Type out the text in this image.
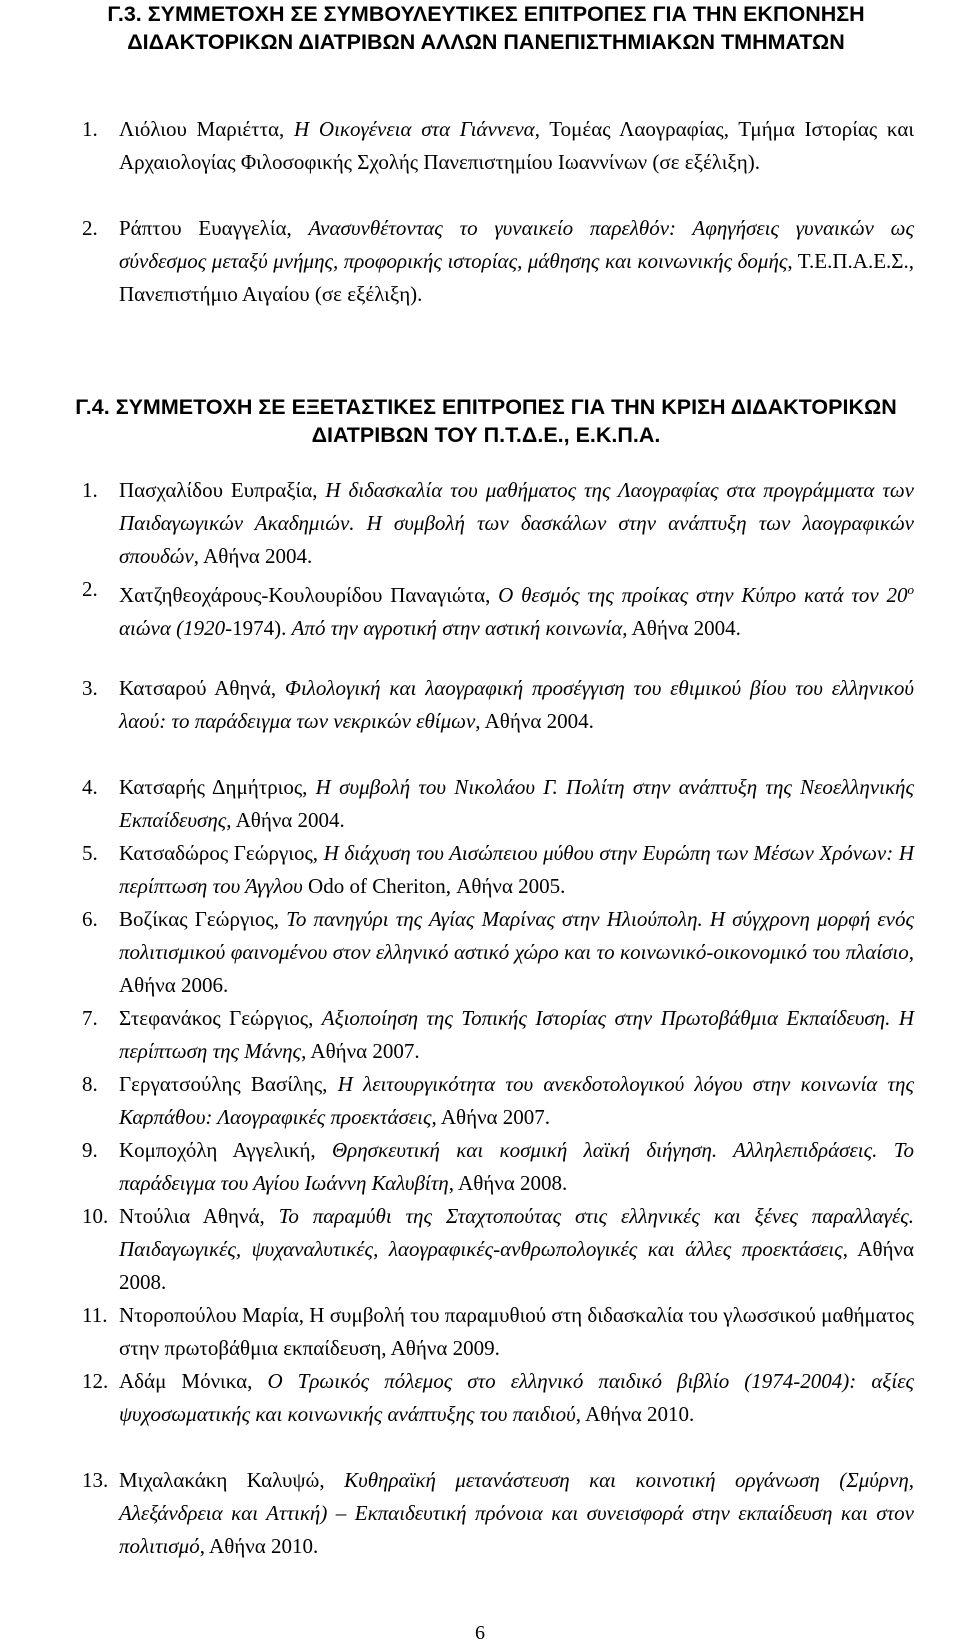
Γ.3. ΣΥΜΜΕΤΟΧΗ ΣΕ ΣΥΜΒΟΥΛΕΥΤΙΚΕΣ ΕΠΙΤΡΟΠΕΣ ΓΙΑ ΤΗΝ ΕΚΠΟΝΗΣΗ ΔΙΔΑΚΤΟΡΙΚΩΝ ΔΙΑΤΡΙΒΩΝ ΑΛΛΩΝ ΠΑΝΕΠΙΣΤΗΜΙΑΚΩΝ ΤΜΗΜΑΤΩΝ
1.	Λιόλιου Μαριέττα, Η Οικογένεια στα Γιάννενα, Τομέας Λαογραφίας, Τμήμα Ιστορίας και Αρχαιολογίας Φιλοσοφικής Σχολής Πανεπιστημίου Ιωαννίνων (σε εξέλιξη).
2.	Ράπτου Ευαγγελία, Ανασυνθέτοντας το γυναικείο παρελθόν: Αφηγήσεις γυναικών ως σύνδεσμος μεταξύ μνήμης, προφορικής ιστορίας, μάθησης και κοινωνικής δομής, Τ.Ε.Π.Α.Ε.Σ., Πανεπιστήμιο Αιγαίου (σε εξέλιξη).
Γ.4. ΣΥΜΜΕΤΟΧΗ ΣΕ ΕΞΕΤΑΣΤΙΚΕΣ ΕΠΙΤΡΟΠΕΣ ΓΙΑ ΤΗΝ ΚΡΙΣΗ ΔΙΔΑΚΤΟΡΙΚΩΝ ΔΙΑΤΡΙΒΩΝ ΤΟΥ Π.Τ.Δ.Ε., Ε.Κ.Π.Α.
1.	Πασχαλίδου Ευπραξία, Η διδασκαλία του μαθήματος της Λαογραφίας στα προγράμματα των Παιδαγωγικών Ακαδημιών. Η συμβολή των δασκάλων στην ανάπτυξη των λαογραφικών σπουδών, Αθήνα 2004.
2.	Χατζηθεοχάρους-Κουλουρίδου Παναγιώτα, Ο θεσμός της προίκας στην Κύπρο κατά τον $20^o$ αιώνα (1920-1974). Από την αγροτική στην αστική κοινωνία, Αθήνα 2004.
3.	Κατσαρού Αθηνά, Φιλολογική και λαογραφική προσέγγιση του εθιμικού βίου του ελληνικού λαού: το παράδειγμα των νεκρικών εθίμων, Αθήνα 2004.
4.	Κατσαρής Δημήτριος, Η συμβολή του Νικολάου Γ. Πολίτη στην ανάπτυξη της Νεοελληνικής Εκπαίδευσης, Αθήνα 2004.
5.	Κατσαδώρος Γεώργιος, Η διάχυση του Αισώπειου μύθου στην Ευρώπη των Μέσων Χρόνων: Η περίπτωση του Άγγλου Odo of Cheriton, Αθήνα 2005.
6.	Βοζίκας Γεώργιος, Το πανηγύρι της Αγίας Μαρίνας στην Ηλιούπολη. Η σύγχρονη μορφή ενός πολιτισμικού φαινομένου στον ελληνικό αστικό χώρο και το κοινωνικό-οικονομικό του πλαίσιο, Αθήνα 2006.
7.	Στεφανάκος Γεώργιος, Αξιοποίηση της Τοπικής Ιστορίας στην Πρωτοβάθμια Εκπαίδευση. Η περίπτωση της Μάνης, Αθήνα 2007.
8.	Γεργατσούλης Βασίλης, Η λειτουργικότητα του ανεκδοτολογικού λόγου στην κοινωνία της Καρπάθου: Λαογραφικές προεκτάσεις, Αθήνα 2007.
9.	Κομποχόλη Αγγελική, Θρησκευτική και κοσμική λαϊκή διήγηση. Αλληλεπιδράσεις. Το παράδειγμα του Αγίου Ιωάννη Καλυβίτη, Αθήνα 2008.
10. Ντούλια Αθηνά, Το παραμύθι της Σταχτοπούτας στις ελληνικές και ξένες παραλλαγές. Παιδαγωγικές, ψυχαναλυτικές, λαογραφικές-ανθρωπολογικές και άλλες προεκτάσεις, Αθήνα 2008.
11. Ντοροπούλου Μαρία, Η συμβολή του παραμυθιού στη διδασκαλία του γλωσσικού μαθήματος στην πρωτοβάθμια εκπαίδευση, Αθήνα 2009.
12. Αδάμ Μόνικα, Ο Τρωικός πόλεμος στο ελληνικό παιδικό βιβλίο (1974-2004): αξίες ψυχοσωματικής και κοινωνικής ανάπτυξης του παιδιού, Αθήνα 2010.
13. Μιχαλακάκη Καλυψώ, Κυθηραϊκή μετανάστευση και κοινοτική οργάνωση (Σμύρνη, Αλεξάνδρεια και Αττική) – Εκπαιδευτική πρόνοια και συνεισφορά στην εκπαίδευση και στον πολιτισμό, Αθήνα 2010.
6
